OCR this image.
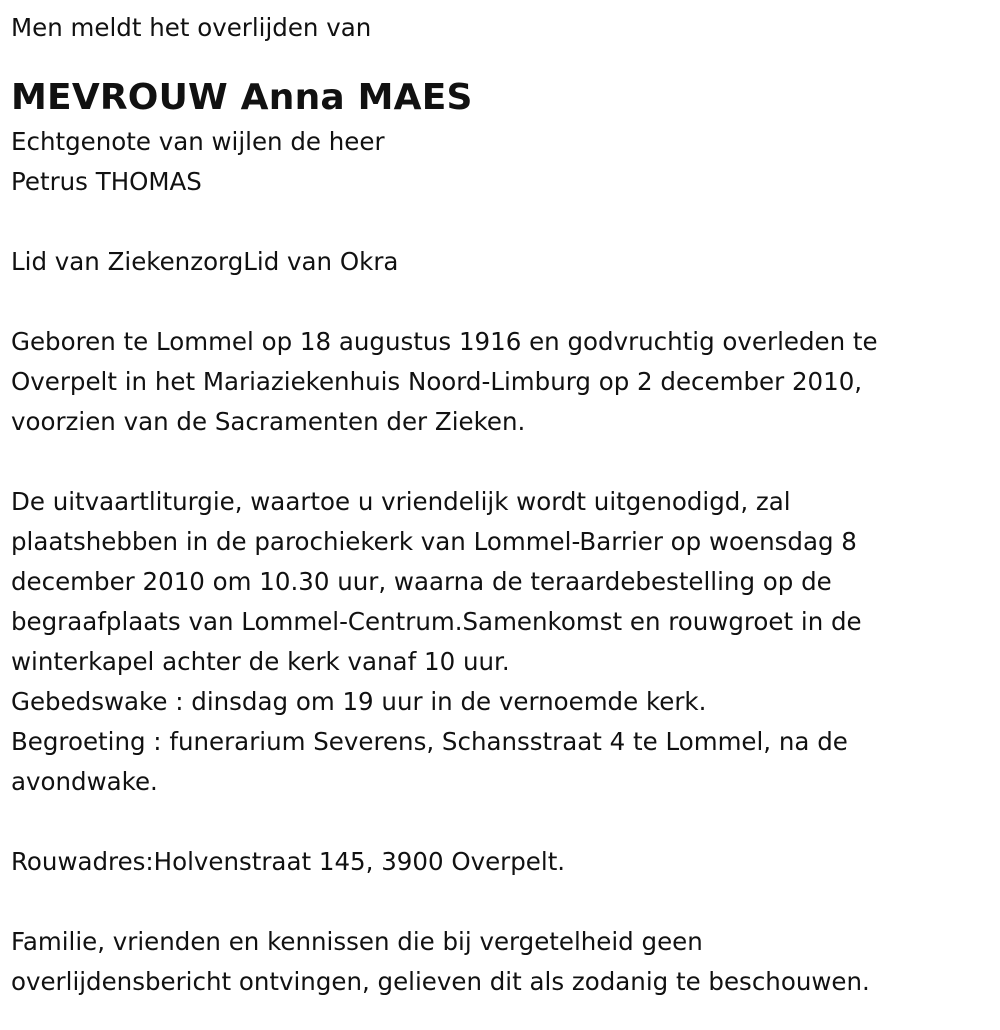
Men meldt het overlijden van
MEVROUW Anna MAES
Echtgenote van wijlen de heer
Petrus THOMAS
Lid van ZiekenzorgLid van Okra
Geboren te Lommel op 18 augustus 1916 en godvruchtig overleden te
Overpelt in het Mariaziekenhuis Noord-Limburg op 2 december 2010,
voorzien van de Sacramenten der Zieken.
De uitvaartliturgie, waartoe u vriendelijk wordt uitgenodigd, zal
plaatshebben in de parochiekerk van Lommel-Barrier op woensdag 8
december 2010 om 10.30 uur, waarna de teraardebestelling op de
begraafplaats van Lommel-Centrum.Samenkomst en rouwgroet in de
winterkapel achter de kerk vanaf 10 uur.
Gebedswake : dinsdag om 19 uur in de vernoemde kerk.
Begroeting : funerarium Severens, Schansstraat 4 te Lommel, na de
avondwake.
Rouwadres:Holvenstraat 145, 3900 Overpelt.
Familie, vrienden en kennissen die bij vergetelheid geen
overlijdensbericht ontvingen, gelieven dit als zodanig te beschouwen.
